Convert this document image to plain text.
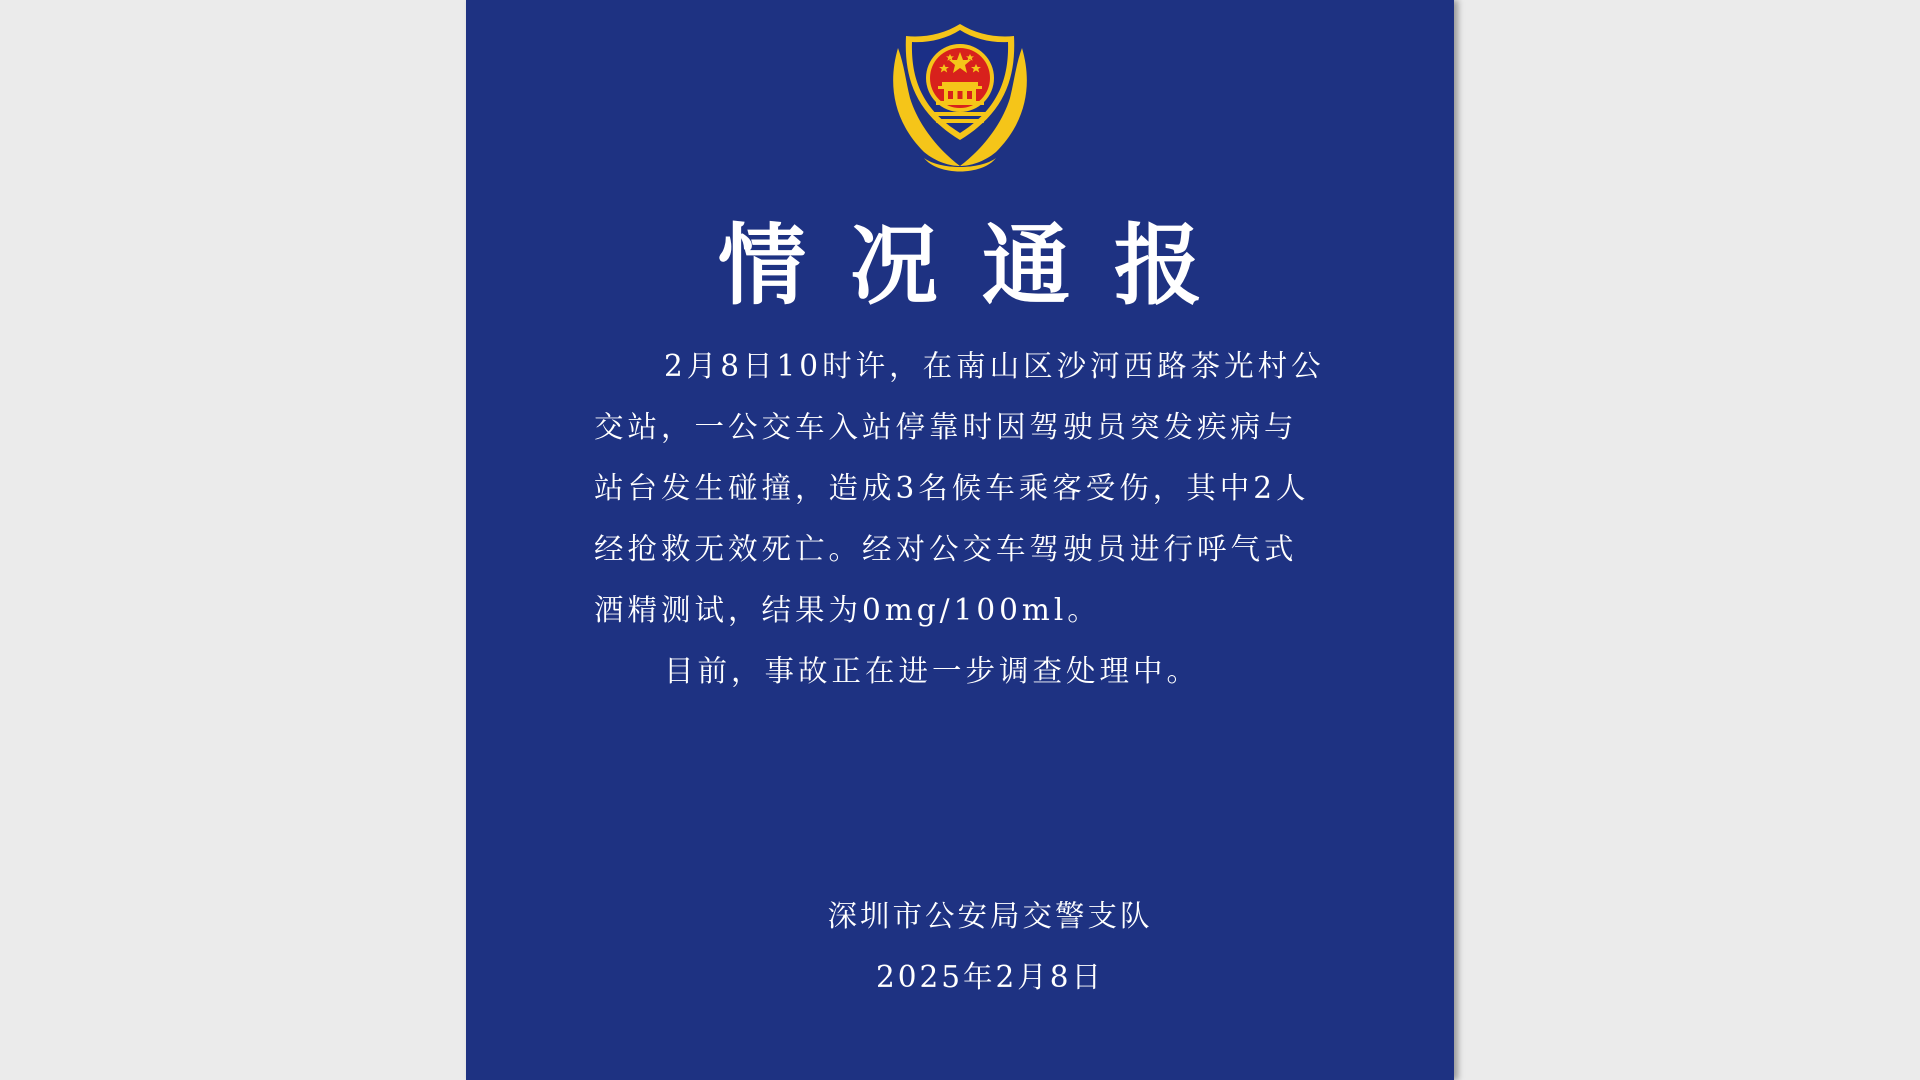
情况通报

2月8日10时许，在南山区沙河西路茶光村公交站，一公交车入站停靠时因驾驶员突发疾病与站台发生碰撞，造成3名候车乘客受伤，其中2人经抢救无效死亡。经对公交车驾驶员进行呼气式酒精测试，结果为0mg/100ml。

目前，事故正在进一步调查处理中。

深圳市公安局交警支队
2025年2月8日
